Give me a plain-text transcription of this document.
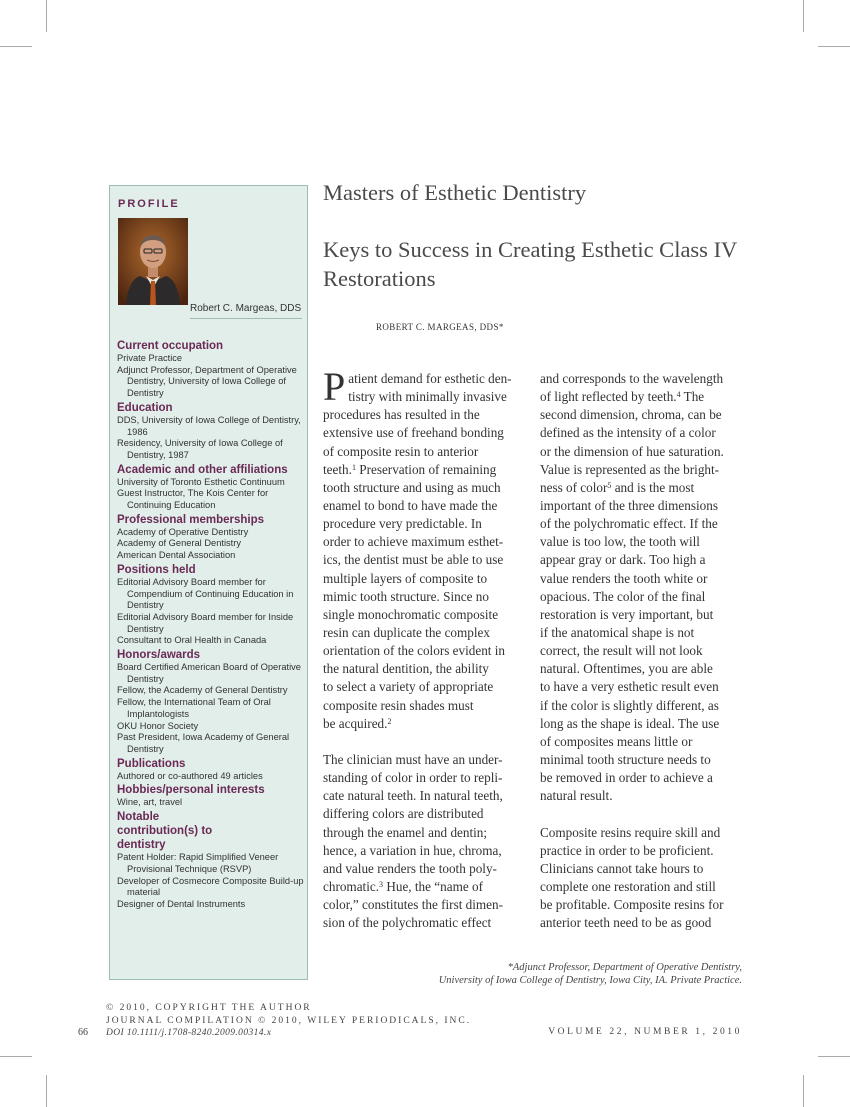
PROFILE
Robert C. Margeas, DDS
Current occupation
Private Practice
Adjunct Professor, Department of Operative Dentistry, University of Iowa College of Dentistry
Education
DDS, University of Iowa College of Dentistry, 1986
Residency, University of Iowa College of Dentistry, 1987
Academic and other affiliations
University of Toronto Esthetic Continuum
Guest Instructor, The Kois Center for Continuing Education
Professional memberships
Academy of Operative Dentistry
Academy of General Dentistry
American Dental Association
Positions held
Editorial Advisory Board member for Compendium of Continuing Education in Dentistry
Editorial Advisory Board member for Inside Dentistry
Consultant to Oral Health in Canada
Honors/awards
Board Certified American Board of Operative Dentistry
Fellow, the Academy of General Dentistry
Fellow, the International Team of Oral Implantologists
OKU Honor Society
Past President, Iowa Academy of General Dentistry
Publications
Authored or co-authored 49 articles
Hobbies/personal interests
Wine, art, travel
Notable contribution(s) to dentistry
Patent Holder: Rapid Simplified Veneer Provisional Technique (RSVP)
Developer of Cosmecore Composite Build-up material
Designer of Dental Instruments
Masters of Esthetic Dentistry
Keys to Success in Creating Esthetic Class IV Restorations
ROBERT C. MARGEAS, DDS*
P atient demand for esthetic den-
tistry with minimally invasive
procedures has resulted in the
extensive use of freehand bonding
of composite resin to anterior
teeth.$^1$ Preservation of remaining
tooth structure and using as much
enamel to bond to have made the
procedure very predictable. In
order to achieve maximum esthet-
ics, the dentist must be able to use
multiple layers of composite to
mimic tooth structure. Since no
single monochromatic composite
resin can duplicate the complex
orientation of the colors evident in
the natural dentition, the ability
to select a variety of appropriate
composite resin shades must
be acquired.$^2$
The clinician must have an under-
standing of color in order to repli-
cate natural teeth. In natural teeth,
differing colors are distributed
through the enamel and dentin;
hence, a variation in hue, chroma,
and value renders the tooth poly-
chromatic.$^3$ Hue, the “name of
color,” constitutes the first dimen-
sion of the polychromatic effect
and corresponds to the wavelength
of light reflected by teeth.$^4$ The
second dimension, chroma, can be
defined as the intensity of a color
or the dimension of hue saturation.
Value is represented as the bright-
ness of color$^5$ and is the most
important of the three dimensions
of the polychromatic effect. If the
value is too low, the tooth will
appear gray or dark. Too high a
value renders the tooth white or
opacious. The color of the final
restoration is very important, but
if the anatomical shape is not
correct, the result will not look
natural. Oftentimes, you are able
to have a very esthetic result even
if the color is slightly different, as
long as the shape is ideal. The use
of composites means little or
minimal tooth structure needs to
be removed in order to achieve a
natural result.
Composite resins require skill and
practice in order to be proficient.
Clinicians cannot take hours to
complete one restoration and still
be profitable. Composite resins for
anterior teeth need to be as good
*Adjunct Professor, Department of Operative Dentistry,
University of Iowa College of Dentistry, Iowa City, IA. Private Practice.
© 2010, COPYRIGHT THE AUTHOR
JOURNAL COMPILATION © 2010, WILEY PERIODICALS, INC.
DOI 10.1111/j.1708-8240.2009.00314.x
66	VOLUME 22, NUMBER 1, 2010
